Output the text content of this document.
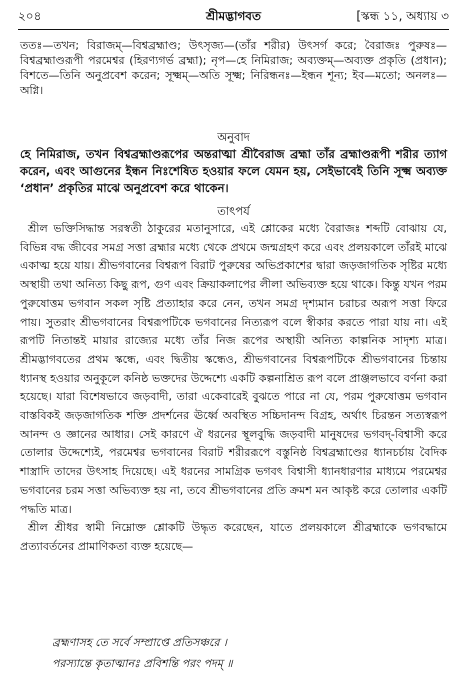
২০৪	শ্রীমদ্ভাগবত	[স্কন্ধ ১১, অধ্যায় ৩

ততঃ—তখন; বিরাজম্—বিশ্বব্রহ্মাণ্ড; উৎসৃজ্য—(তাঁর শরীর) উৎসর্গ করে; বৈরাজঃ পুরুষঃ—বিশ্বব্রহ্মাণ্ডরূপী পরমেশ্বর (হিরণ্যগর্ভ ব্রহ্মা); নৃপ—হে নিমিরাজ; অব্যক্তম্—অব্যক্ত প্রকৃতি (প্রধান); বিশতে—তিনি অনুপ্রবেশ করেন; সূক্ষ্মম্—অতি সূক্ষ্ম; নিরিন্ধনঃ—ইন্ধন শূন্য; ইব—মতো; অনলঃ—অগ্নি।

অনুবাদ

হে নিমিরাজ, তখন বিশ্বব্রহ্মাণ্ডরূপের অন্তরাত্মা শ্রীবৈরাজ ব্রহ্মা তাঁর ব্রহ্মাণ্ডরূপী শরীর ত্যাগ করেন, এবং আগুনের ইন্ধন নিঃশেষিত হওয়ার ফলে যেমন হয়, সেইভাবেই তিনি সূক্ষ্ম অব্যক্ত ‘প্রধান’ প্রকৃতির মাঝে অনুপ্রবেশ করে থাকেন।

তাৎপর্য

শ্রীল ভক্তিসিদ্ধান্ত সরস্বতী ঠাকুরের মতানুসারে, এই শ্লোকের মধ্যে বৈরাজঃ শব্দটি বোঝায় যে, বিভিন্ন বদ্ধ জীবের সমগ্র সত্তা ব্রহ্মার মধ্যে থেকে প্রথমে জন্মগ্রহণ করে এবং প্রলয়কালে তাঁরই মাঝে একাত্ম হয়ে যায়। শ্রীভগবানের বিশ্বরূপ বিরাট পুরুষের অভিপ্রকাশের দ্বারা জড়জাগতিক সৃষ্টির মধ্যে অস্থায়ী তথা অনিত্য কিছু রূপ, গুণ এবং ক্রিয়াকলাপের লীলা অভিব্যক্ত হয়ে থাকে। কিন্তু যখন পরম পুরুষোত্তম ভগবান সকল সৃষ্টি প্রত্যাহার করে নেন, তখন সমগ্র দৃশ্যমান চরাচর অরূপ সত্তা ফিরে পায়। সুতরাং শ্রীভগবানের বিশ্বরূপটিকে ভগবানের নিত্যরূপ বলে স্বীকার করতে পারা যায় না। এই রূপটি নিতান্তই মায়ার রাজ্যের মধ্যে তাঁর নিজ রূপের অস্থায়ী অনিত্য কাল্পনিক সাদৃশ্য মাত্র। শ্রীমদ্ভাগবতের প্রথম স্কন্ধে, এবং দ্বিতীয় স্কন্ধেও, শ্রীভগবানের বিশ্বরূপটিকে শ্রীভগবানের চিন্তায় ধ্যানস্থ হওয়ার অনুকূলে কনিষ্ঠ ভক্তদের উদ্দেশ্যে একটি কল্পনাশ্রিত রূপ বলে প্রাঞ্জলভাবে বর্ণনা করা হয়েছে। যারা বিশেষভাবে জড়বাদী, তারা একেবারেই বুঝতে পারে না যে, পরম পুরুষোত্তম ভগবান বাস্তবিকই জড়জাগতিক শক্তি প্রদর্শনের ঊর্ধ্বে অবস্থিত সচ্চিদানন্দ বিগ্রহ, অর্থাৎ চিরন্তন সত্যস্বরূপ আনন্দ ও জ্ঞানের আধার। সেই কারণে ঐ ধরনের স্থূলবুদ্ধি জড়বাদী মানুষদের ভগবদ্-বিশ্বাসী করে তোলার উদ্দেশ্যেই, পরমেশ্বর ভগবানের বিরাট শরীররূপে বস্তুনিষ্ঠ বিশ্বব্রহ্মাণ্ডের ধ্যানচর্চায় বৈদিক শাস্ত্রাদি তাদের উৎসাহ দিয়েছে। এই ধরনের সামগ্রিক ভগবৎ বিশ্বাসী ধ্যানধারণার মাধ্যমে পরমেশ্বর ভগবানের চরম সত্তা অভিব্যক্ত হয় না, তবে শ্রীভগবানের প্রতি ক্রমশ মন আকৃষ্ট করে তোলার একটি পদ্ধতি মাত্র।

শ্রীল শ্রীধর স্বামী নিম্নোক্ত শ্লোকটি উদ্ধৃত করেছেন, যাতে প্রলয়কালে শ্রীব্রহ্মাকে ভগবদ্ধামে প্রত্যাবর্তনের প্রামাণিকতা ব্যক্ত হয়েছে—

ব্রহ্মণাসহ তে সর্বে সম্প্রাপ্তে প্রতিসঞ্চরে ।
পরস্যান্তে কৃতাত্মানঃ প্রবিশন্তি পরং পদম্ ॥
